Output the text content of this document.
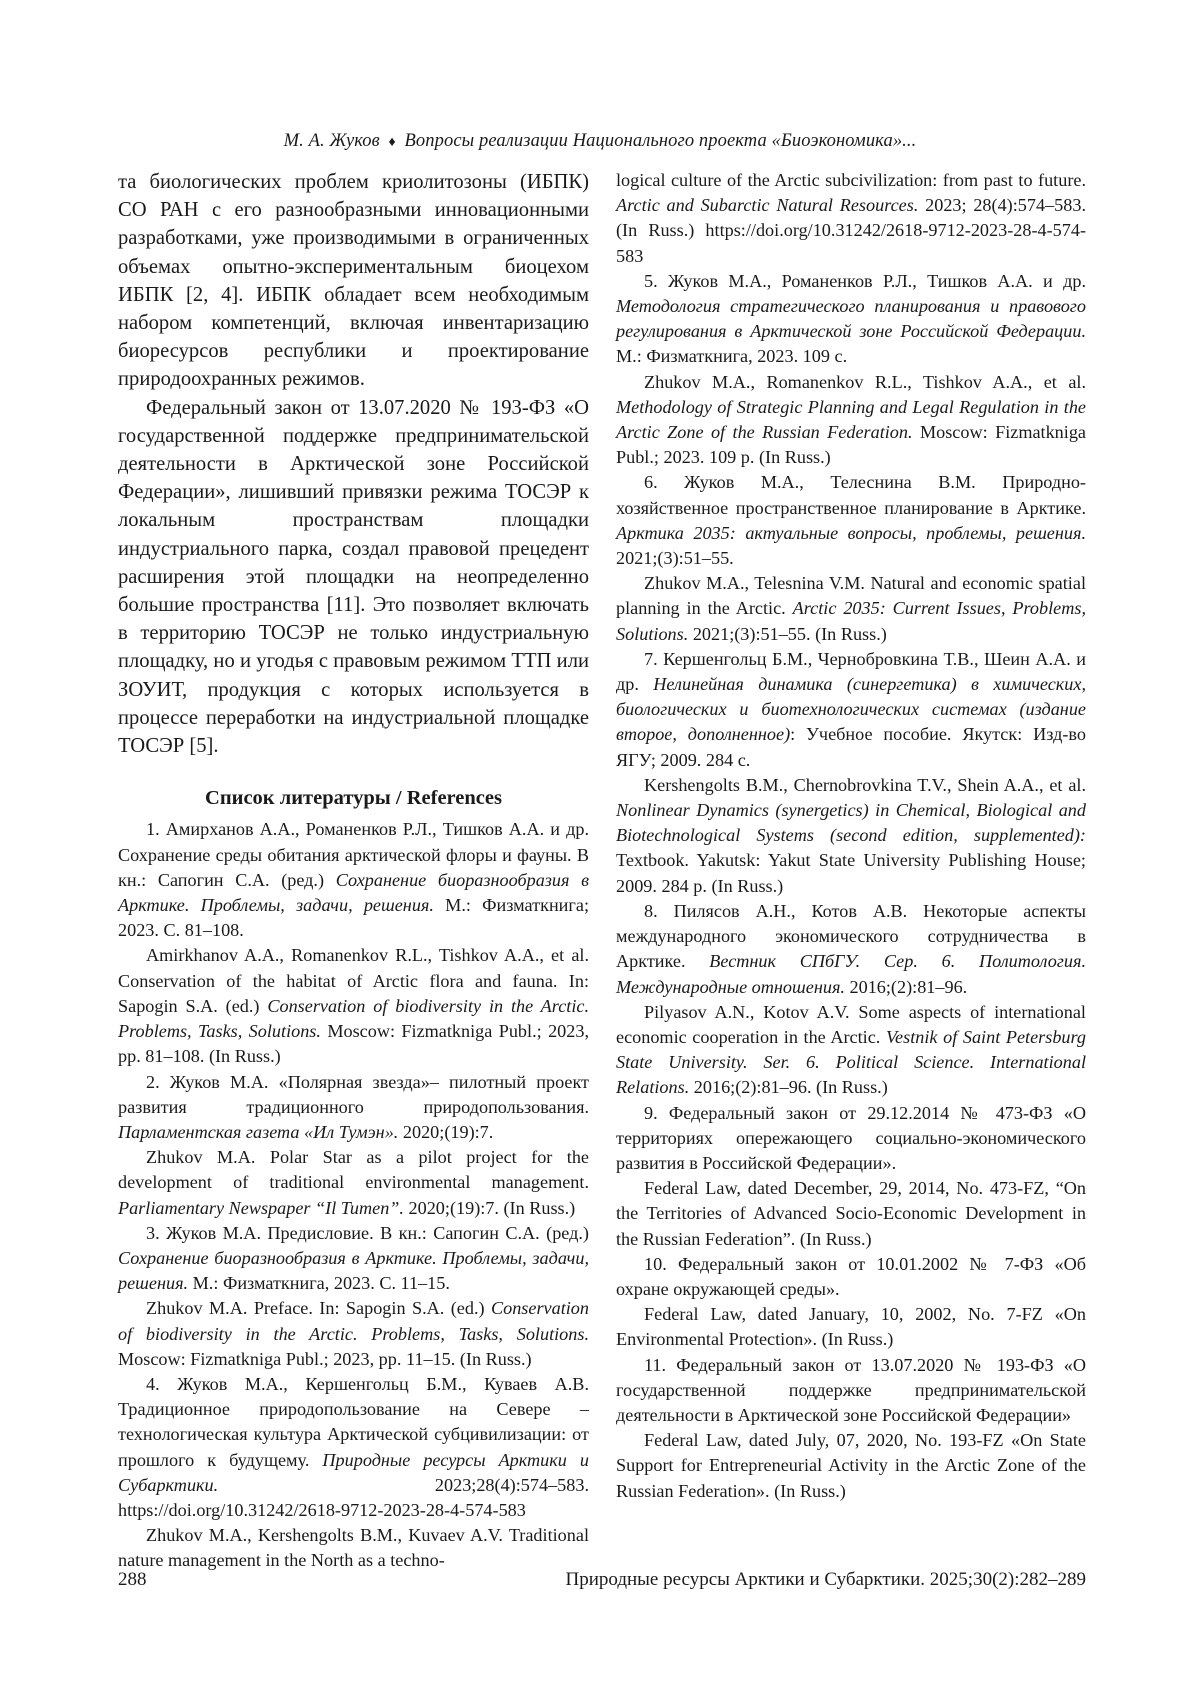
М. А. Жуков ♦ Вопросы реализации Национального проекта «Биоэкономика»...

та биологических проблем криолитозоны (ИБПК) СО РАН с его разнообразными инновационными разработками, уже производимыми в ограниченных объемах опытно-экспериментальным биоцехом ИБПК [2, 4]. ИБПК обладает всем необходимым набором компетенций, включая инвентаризацию биоресурсов республики и проектирование природоохранных режимов.

Федеральный закон от 13.07.2020 № 193-ФЗ «О государственной поддержке предпринимательской деятельности в Арктической зоне Российской Федерации», лишивший привязки режима ТОСЭР к локальным пространствам площадки индустриального парка, создал правовой прецедент расширения этой площадки на неопределенно большие пространства [11]. Это позволяет включать в территорию ТОСЭР не только индустриальную площадку, но и угодья с правовым режимом ТТП или ЗОУИТ, продукция с которых используется в процессе переработки на индустриальной площадке ТОСЭР [5].

Список литературы / References

1. Амирханов А.А., Романенков Р.Л., Тишков А.А. и др. Сохранение среды обитания арктической флоры и фауны. В кн.: Сапогин С.А. (ред.) Сохранение биоразнообразия в Арктике. Проблемы, задачи, решения. М.: Физматкнига; 2023. С. 81–108.

Amirkhanov A.A., Romanenkov R.L., Tishkov A.A., et al. Conservation of the habitat of Arctic flora and fauna. In: Sapogin S.A. (ed.) Conservation of biodiversity in the Arctic. Problems, Tasks, Solutions. Moscow: Fizmatkniga Publ.; 2023, pp. 81–108. (In Russ.)

2. Жуков М.А. «Полярная звезда»– пилотный проект развития традиционного природопользования. Парламентская газета «Ил Тумэн». 2020;(19):7.

Zhukov M.A. Polar Star as a pilot project for the development of traditional environmental management. Parliamentary Newspaper “Il Tumen”. 2020;(19):7. (In Russ.)

3. Жуков М.А. Предисловие. В кн.: Сапогин С.А. (ред.) Сохранение биоразнообразия в Арктике. Проблемы, задачи, решения. М.: Физматкнига, 2023. С. 11–15.

Zhukov M.A. Preface. In: Sapogin S.A. (ed.) Conservation of biodiversity in the Arctic. Problems, Tasks, Solutions. Moscow: Fizmatkniga Publ.; 2023, pp. 11–15. (In Russ.)

4. Жуков М.А., Кершенгольц Б.М., Куваев А.В. Традиционное природопользование на Севере – технологическая культура Арктической субцивилизации: от прошлого к будущему. Природные ресурсы Арктики и Субарктики. 2023;28(4):574–583. https://doi.org/10.31242/2618-9712-2023-28-4-574-583

Zhukov M.A., Kershengolts B.M., Kuvaev A.V. Traditional nature management in the North as a techno-

logical culture of the Arctic subcivilization: from past to future. Arctic and Subarctic Natural Resources. 2023; 28(4):574–583. (In Russ.) https://doi.org/10.31242/2618-9712-2023-28-4-574-583

5. Жуков М.А., Романенков Р.Л., Тишков А.А. и др. Методология стратегического планирования и правового регулирования в Арктической зоне Российской Федерации. М.: Физматкнига, 2023. 109 с.

Zhukov M.A., Romanenkov R.L., Tishkov A.A., et al. Methodology of Strategic Planning and Legal Regulation in the Arctic Zone of the Russian Federation. Moscow: Fizmatkniga Publ.; 2023. 109 p. (In Russ.)

6. Жуков М.А., Телеснина В.М. Природно-хозяйственное пространственное планирование в Арктике. Арктика 2035: актуальные вопросы, проблемы, решения. 2021;(3):51–55.

Zhukov M.A., Telesnina V.M. Natural and economic spatial planning in the Arctic. Arctic 2035: Current Issues, Problems, Solutions. 2021;(3):51–55. (In Russ.)

7. Кершенгольц Б.М., Чернобровкина Т.В., Шеин А.А. и др. Нелинейная динамика (синергетика) в химических, биологических и биотехнологических системах (издание второе, дополненное): Учебное пособие. Якутск: Изд-во ЯГУ; 2009. 284 с.

Kershengolts B.M., Chernobrovkina T.V., Shein A.A., et al. Nonlinear Dynamics (synergetics) in Chemical, Biological and Biotechnological Systems (second edition, supplemented): Textbook. Yakutsk: Yakut State University Publishing House; 2009. 284 p. (In Russ.)

8. Пилясов А.Н., Котов А.В. Некоторые аспекты международного экономического сотрудничества в Арктике. Вестник СПбГУ. Сер. 6. Политология. Международные отношения. 2016;(2):81–96.

Pilyasov A.N., Kotov A.V. Some aspects of international economic cooperation in the Arctic. Vestnik of Saint Petersburg State University. Ser. 6. Political Science. International Relations. 2016;(2):81–96. (In Russ.)

9. Федеральный закон от 29.12.2014 № 473-ФЗ «О территориях опережающего социально-экономического развития в Российской Федерации».

Federal Law, dated December, 29, 2014, No. 473-FZ, “On the Territories of Advanced Socio-Economic Development in the Russian Federation”. (In Russ.)

10. Федеральный закон от 10.01.2002 № 7-ФЗ «Об охране окружающей среды».

Federal Law, dated January, 10, 2002, No. 7-FZ «On Environmental Protection». (In Russ.)

11. Федеральный закон от 13.07.2020 № 193-ФЗ «О государственной поддержке предпринимательской деятельности в Арктической зоне Российской Федерации»

Federal Law, dated July, 07, 2020, No. 193-FZ «On State Support for Entrepreneurial Activity in the Arctic Zone of the Russian Federation». (In Russ.)

288	Природные ресурсы Арктики и Субарктики. 2025;30(2):282–289
